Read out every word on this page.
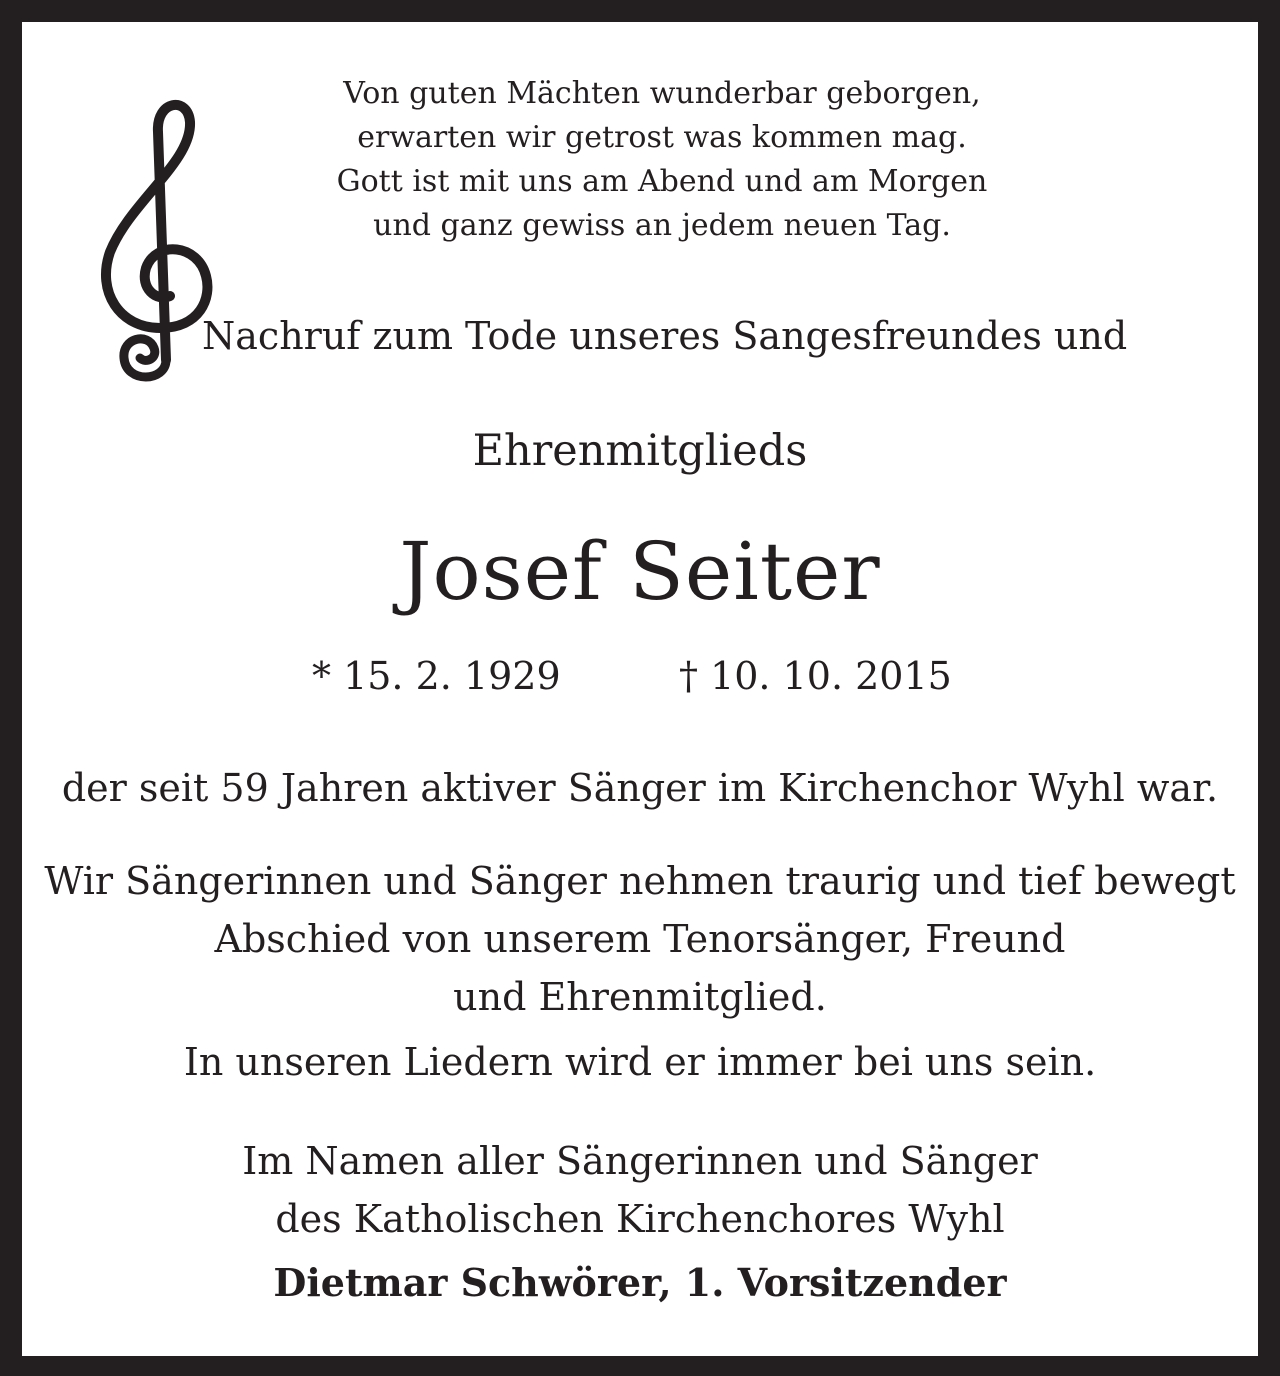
Von guten Mächten wunderbar geborgen,
erwarten wir getrost was kommen mag.
Gott ist mit uns am Abend und am Morgen
und ganz gewiss an jedem neuen Tag.
Nachruf zum Tode unseres Sangesfreundes und
Ehrenmitglieds
Josef Seiter
* 15. 2. 1929	† 10. 10. 2015
der seit 59 Jahren aktiver Sänger im Kirchenchor Wyhl war.
Wir Sängerinnen und Sänger nehmen traurig und tief bewegt
Abschied von unserem Tenorsänger, Freund
und Ehrenmitglied.
In unseren Liedern wird er immer bei uns sein.
Im Namen aller Sängerinnen und Sänger
des Katholischen Kirchenchores Wyhl
Dietmar Schwörer, 1. Vorsitzender
